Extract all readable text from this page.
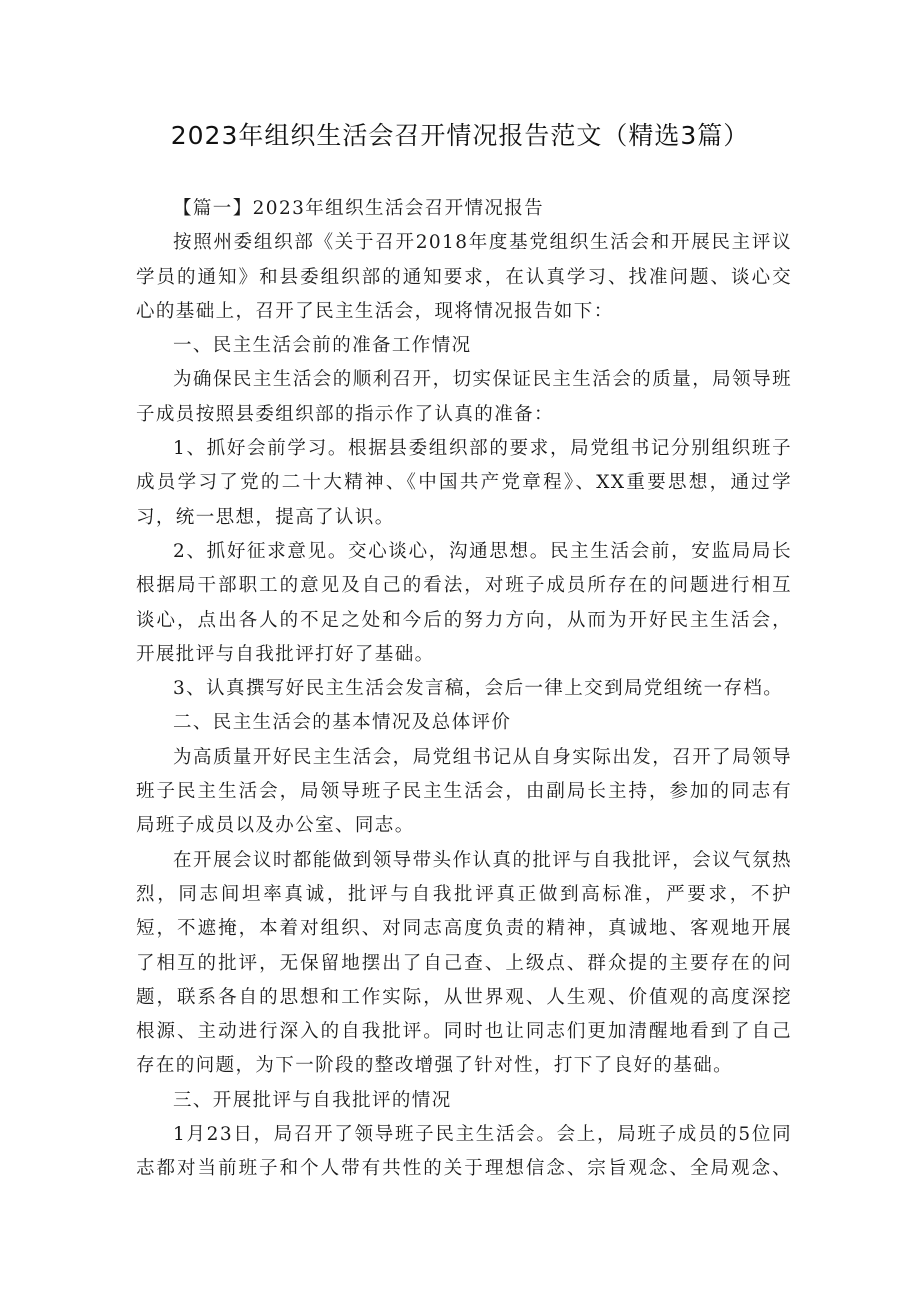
2023年组织生活会召开情况报告范文（精选3篇）

【篇一】2023年组织生活会召开情况报告

按照州委组织部《关于召开2018年度基党组织生活会和开展民主评议学员的通知》和县委组织部的通知要求，在认真学习、找准问题、谈心交心的基础上，召开了民主生活会，现将情况报告如下：

一、民主生活会前的准备工作情况

为确保民主生活会的顺利召开，切实保证民主生活会的质量，局领导班子成员按照县委组织部的指示作了认真的准备：

1、抓好会前学习。根据县委组织部的要求，局党组书记分别组织班子成员学习了党的二十大精神、《中国共产党章程》、XX重要思想，通过学习，统一思想，提高了认识。

2、抓好征求意见。交心谈心，沟通思想。民主生活会前，安监局局长根据局干部职工的意见及自己的看法，对班子成员所存在的问题进行相互谈心，点出各人的不足之处和今后的努力方向，从而为开好民主生活会，开展批评与自我批评打好了基础。

3、认真撰写好民主生活会发言稿，会后一律上交到局党组统一存档。

二、民主生活会的基本情况及总体评价

为高质量开好民主生活会，局党组书记从自身实际出发，召开了局领导班子民主生活会，局领导班子民主生活会，由副局长主持，参加的同志有局班子成员以及办公室、同志。

在开展会议时都能做到领导带头作认真的批评与自我批评，会议气氛热烈，同志间坦率真诚，批评与自我批评真正做到高标准，严要求，不护短，不遮掩，本着对组织、对同志高度负责的精神，真诚地、客观地开展了相互的批评，无保留地摆出了自己查、上级点、群众提的主要存在的问题，联系各自的思想和工作实际，从世界观、人生观、价值观的高度深挖根源、主动进行深入的自我批评。同时也让同志们更加清醒地看到了自己存在的问题，为下一阶段的整改增强了针对性，打下了良好的基础。

三、开展批评与自我批评的情况

1月23日，局召开了领导班子民主生活会。会上，局班子成员的5位同志都对当前班子和个人带有共性的关于理想信念、宗旨观念、全局观念、
